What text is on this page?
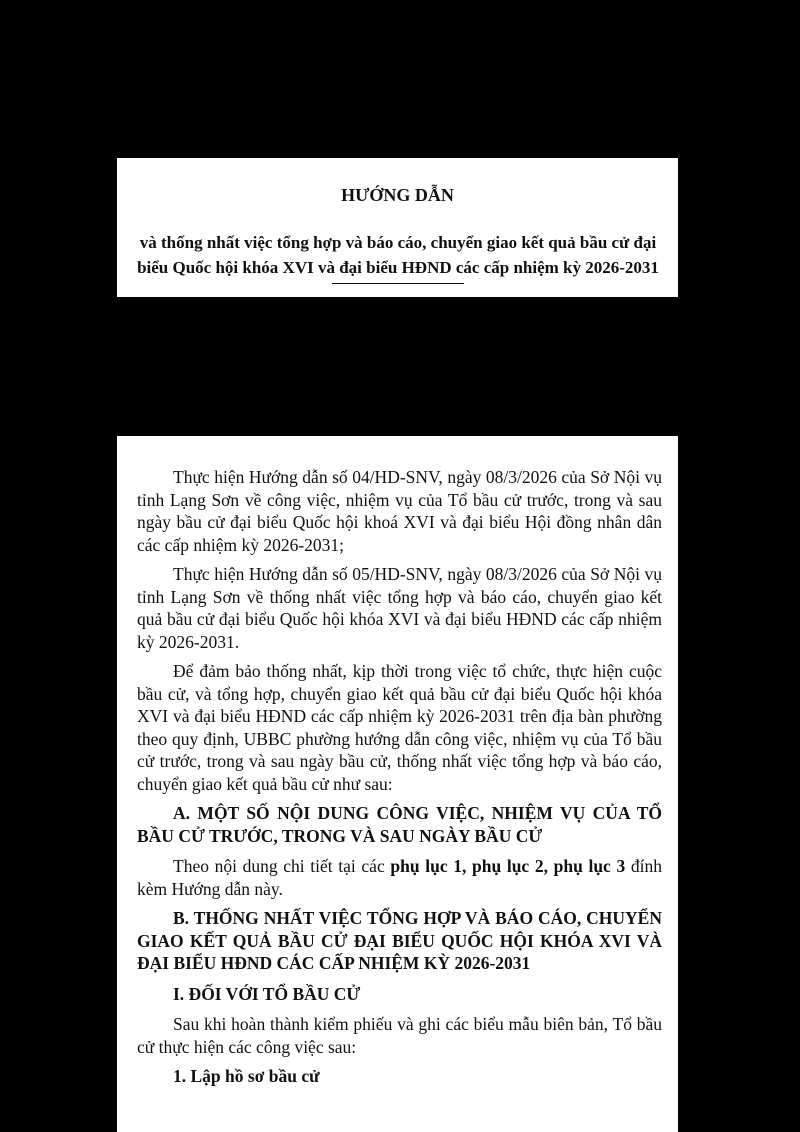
HƯỚNG DẪN
và thống nhất việc tổng hợp và báo cáo, chuyển giao kết quả bầu cử đại
biểu Quốc hội khóa XVI và đại biểu HĐND các cấp nhiệm kỳ 2026-2031

Thực hiện Hướng dẫn số 04/HD-SNV, ngày 08/3/2026 của Sở Nội vụ tỉnh Lạng Sơn về công việc, nhiệm vụ của Tổ bầu cử trước, trong và sau ngày bầu cử đại biểu Quốc hội khoá XVI và đại biểu Hội đồng nhân dân các cấp nhiệm kỳ 2026-2031;

Thực hiện Hướng dẫn số 05/HD-SNV, ngày 08/3/2026 của Sở Nội vụ tỉnh Lạng Sơn về thống nhất việc tổng hợp và báo cáo, chuyển giao kết quả bầu cử đại biểu Quốc hội khóa XVI và đại biểu HĐND các cấp nhiệm kỳ 2026-2031.

Để đảm bảo thống nhất, kịp thời trong việc tổ chức, thực hiện cuộc bầu cử, và tổng hợp, chuyển giao kết quả bầu cử đại biểu Quốc hội khóa XVI và đại biểu HĐND các cấp nhiệm kỳ 2026-2031 trên địa bàn phường theo quy định, UBBC phường hướng dẫn công việc, nhiệm vụ của Tổ bầu cử trước, trong và sau ngày bầu cử, thống nhất việc tổng hợp và báo cáo, chuyển giao kết quả bầu cử như sau:

A. MỘT SỐ NỘI DUNG CÔNG VIỆC, NHIỆM VỤ CỦA TỔ BẦU CỬ TRƯỚC, TRONG VÀ SAU NGÀY BẦU CỬ

Theo nội dung chi tiết tại các phụ lục 1, phụ lục 2, phụ lục 3 đính kèm Hướng dẫn này.

B. THỐNG NHẤT VIỆC TỔNG HỢP VÀ BÁO CÁO, CHUYỂN GIAO KẾT QUẢ BẦU CỬ ĐẠI BIỂU QUỐC HỘI KHÓA XVI VÀ ĐẠI BIỂU HĐND CÁC CẤP NHIỆM KỲ 2026-2031

I. ĐỐI VỚI TỔ BẦU CỬ

Sau khi hoàn thành kiểm phiếu và ghi các biểu mẫu biên bản, Tổ bầu cử thực hiện các công việc sau:

1. Lập hồ sơ bầu cử
